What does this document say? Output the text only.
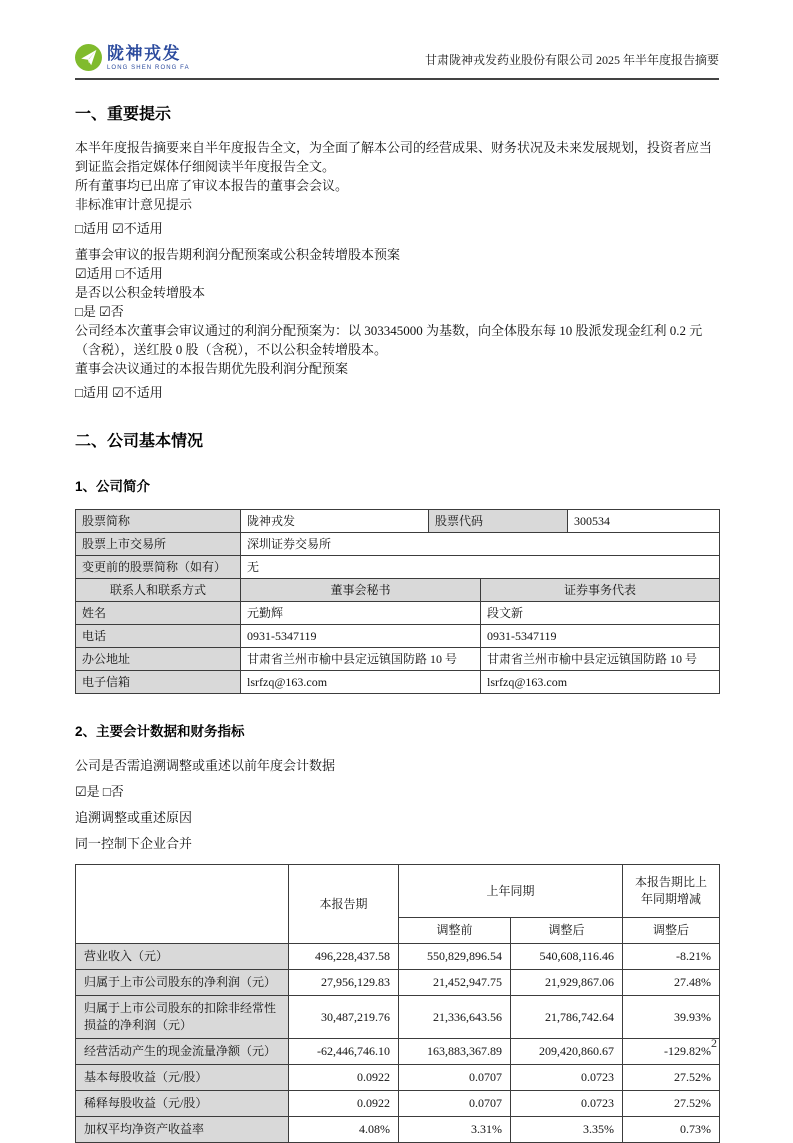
陇神戎发
LONG SHEN RONG FA
甘肃陇神戎发药业股份有限公司 2025 年半年度报告摘要
一、重要提示

本半年度报告摘要来自半年度报告全文，为全面了解本公司的经营成果、财务状况及未来发展规划，投资者应当到证监会指定媒体仔细阅读半年度报告全文。

所有董事均已出席了审议本报告的董事会会议。

非标准审计意见提示

□适用 ☑不适用

董事会审议的报告期利润分配预案或公积金转增股本预案

☑适用 □不适用

是否以公积金转增股本

□是 ☑否

公司经本次董事会审议通过的利润分配预案为：以 303345000 为基数，向全体股东每 10 股派发现金红利 0.2 元（含税），送红股 0 股（含税），不以公积金转增股本。

董事会决议通过的本报告期优先股利润分配预案

□适用 ☑不适用

二、公司基本情况
1、公司简介
股票简称	陇神戎发	股票代码		300534
股票上市交易所	深圳证券交易所			
变更前的股票简称（如有）	无			
联系人和联系方式	董事会秘书		证券事务代表	
姓名	元勤辉		段文新	
电话	0931-5347119		0931-5347119	
办公地址	甘肃省兰州市榆中县定远镇国防路 10 号		甘肃省兰州市榆中县定远镇国防路 10 号	
电子信箱	lsrfzq@163.com		lsrfzq@163.com	
2、主要会计数据和财务指标

公司是否需追溯调整或重述以前年度会计数据

☑是 □否

追溯调整或重述原因

同一控制下企业合并

	本报告期	上年同期		本报告期比上年同期增减
		调整前	调整后	调整后
营业收入（元）	496,228,437.58	550,829,896.54	540,608,116.46	-8.21%
归属于上市公司股东的净利润（元）	27,956,129.83	21,452,947.75	21,929,867.06	27.48%
归属于上市公司股东的扣除非经常性损益的净利润（元）	30,487,219.76	21,336,643.56	21,786,742.64	39.93%
经营活动产生的现金流量净额（元）	-62,446,746.10	163,883,367.89	209,420,860.67	-129.82%
基本每股收益（元/股）	0.0922	0.0707	0.0723	27.52%
稀释每股收益（元/股）	0.0922	0.0707	0.0723	27.52%
加权平均净资产收益率	4.08%	3.31%	3.35%	0.73%
2
